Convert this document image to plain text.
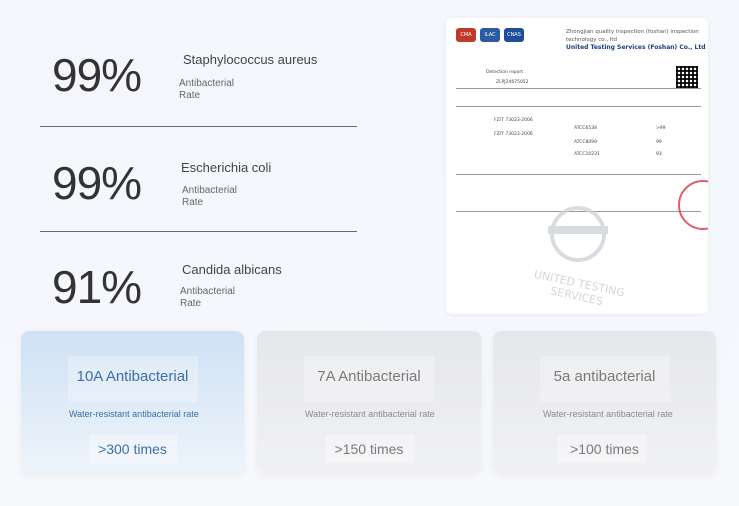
99%	Staphylococcus aureus
Antibacterial Rate
99%	Escherichia coli
Antibacterial Rate
91%	Candida albicans
Antibacterial Rate
CMA	ILAC	CNAS	Zhongjian quality inspection (foshan) inspection technology co., ltd
United Testing Services (Foshan) Co., Ltd
Detection report
ZLPJ24675052
FZ/T 73023-2006
ATCC6538	>99
FZ/T 73023-2006
ATCC8099	99
ATCC10231	93
UNITED TESTING SERVICES
10A Antibacterial
Water-resistant antibacterial rate
>300 times
7A Antibacterial
Water-resistant antibacterial rate
>150 times
5a antibacterial
Water-resistant antibacterial rate
>100 times
